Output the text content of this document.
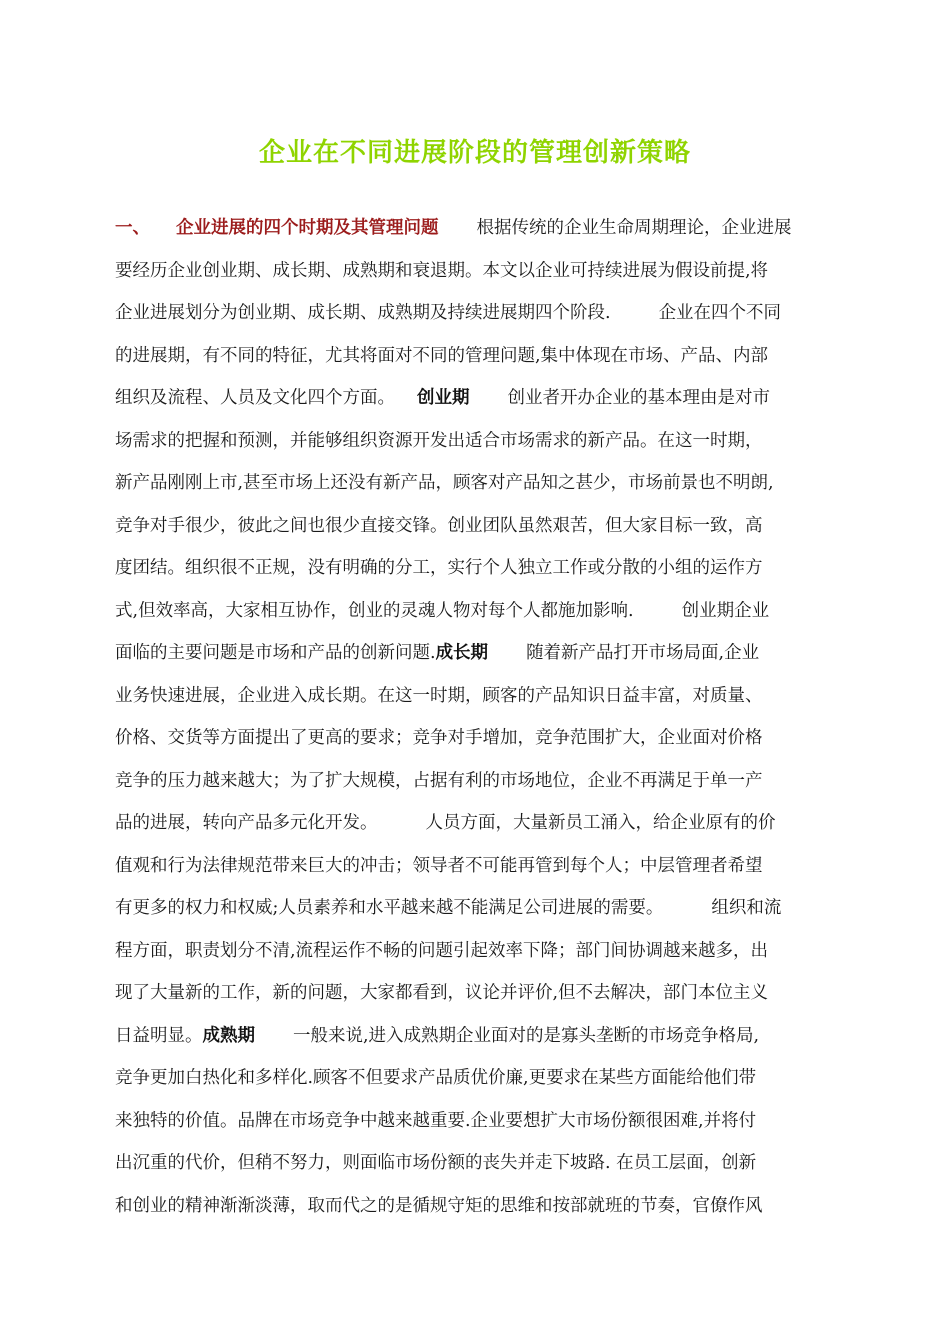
企业在不同进展阶段的管理创新策略
一、 企业进展的四个时期及其管理问题 根据传统的企业生命周期理论，企业进展
要经历企业创业期、成长期、成熟期和衰退期。本文以企业可持续进展为假设前提,将
企业进展划分为创业期、成长期、成熟期及持续进展期四个阶段.	企业在四个不同
的进展期，有不同的特征，尤其将面对不同的管理问题,集中体现在市场、产品、内部
组织及流程、人员及文化四个方面。 创业期 创业者开办企业的基本理由是对市
场需求的把握和预测，并能够组织资源开发出适合市场需求的新产品。在这一时期，
新产品刚刚上市,甚至市场上还没有新产品，顾客对产品知之甚少，市场前景也不明朗,
竞争对手很少，彼此之间也很少直接交锋。创业团队虽然艰苦，但大家目标一致，高
度团结。组织很不正规，没有明确的分工，实行个人独立工作或分散的小组的运作方
式,但效率高，大家相互协作，创业的灵魂人物对每个人都施加影响.	创业期企业
面临的主要问题是市场和产品的创新问题.成长期 随着新产品打开市场局面,企业
业务快速进展，企业进入成长期。在这一时期，顾客的产品知识日益丰富，对质量、
价格、交货等方面提出了更高的要求；竞争对手增加，竞争范围扩大，企业面对价格
竞争的压力越来越大；为了扩大规模，占据有利的市场地位，企业不再满足于单一产
品的进展，转向产品多元化开发。	人员方面，大量新员工涌入，给企业原有的价
值观和行为法律规范带来巨大的冲击；领导者不可能再管到每个人；中层管理者希望
有更多的权力和权威;人员素养和水平越来越不能满足公司进展的需要。	组织和流
程方面，职责划分不清,流程运作不畅的问题引起效率下降；部门间协调越来越多，出
现了大量新的工作，新的问题，大家都看到，议论并评价,但不去解决，部门本位主义
日益明显。成熟期 一般来说,进入成熟期企业面对的是寡头垄断的市场竞争格局,
竞争更加白热化和多样化.顾客不但要求产品质优价廉,更要求在某些方面能给他们带
来独特的价值。品牌在市场竞争中越来越重要.企业要想扩大市场份额很困难,并将付
出沉重的代价，但稍不努力，则面临市场份额的丧失并走下坡路. 在员工层面，创新
和创业的精神渐渐淡薄，取而代之的是循规守矩的思维和按部就班的节奏，官僚作风
